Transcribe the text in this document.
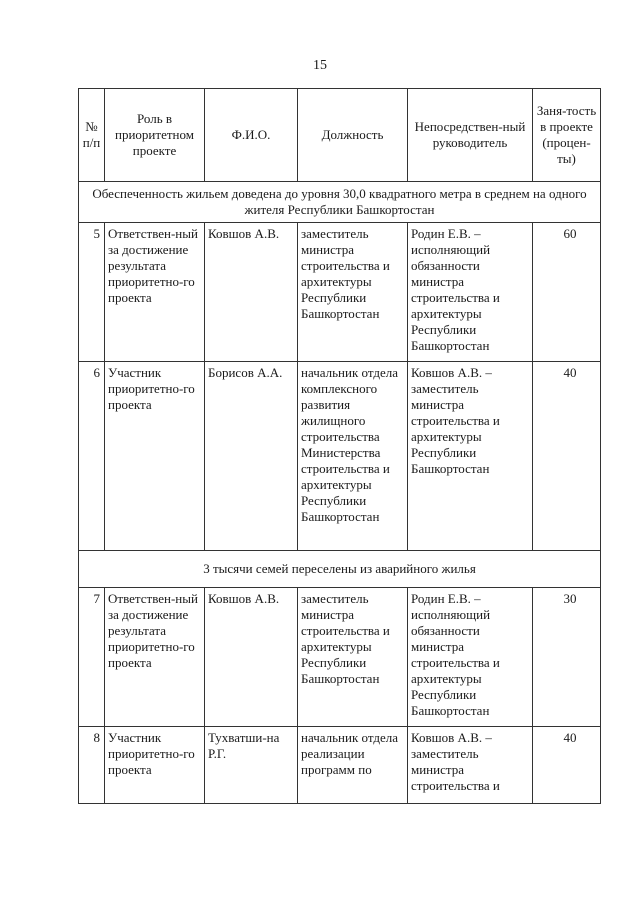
15
№ п/п	Роль в приоритетном проекте	Ф.И.О.	Должность	Непосредствен-ный руководитель	Заня-тость в проекте (процен-ты)
Обеспеченность жильем доведена до уровня 30,0 квадратного метра в среднем на одного жителя Республики Башкортостан					
5	Ответствен-ный за достижение результата приоритетно-го проекта	Ковшов А.В.	заместитель министра строительства и архитектуры Республики Башкортостан	Родин Е.В. – исполняющий обязанности министра строительства и архитектуры Республики Башкортостан	60
6	Участник приоритетно-го проекта	Борисов А.А.	начальник отдела комплексного развития жилищного строительства Министерства строительства и архитектуры Республики Башкортостан	Ковшов А.В. – заместитель министра строительства и архитектуры Республики Башкортостан	40
3 тысячи семей переселены из аварийного жилья					
7	Ответствен-ный за достижение результата приоритетно-го проекта	Ковшов А.В.	заместитель министра строительства и архитектуры Республики Башкортостан	Родин Е.В. – исполняющий обязанности министра строительства и архитектуры Республики Башкортостан	30
8	Участник приоритетно-го проекта	Тухватши-на Р.Г.	начальник отдела реализации программ по	Ковшов А.В. – заместитель министра строительства и	40
